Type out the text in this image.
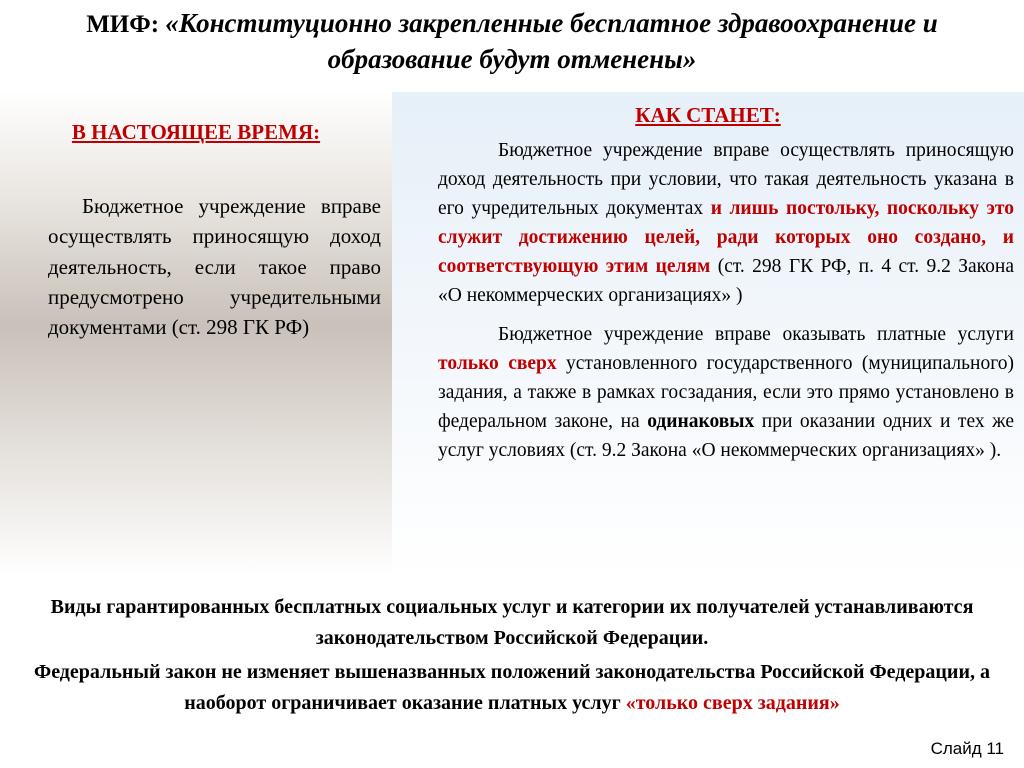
МИФ: «Конституционно закрепленные бесплатное здравоохранение и образование будут отменены»
В НАСТОЯЩЕЕ ВРЕМЯ:

Бюджетное учреждение вправе осуществлять приносящую доход деятельность, если такое право предусмотрено учредительными документами (ст. 298 ГК РФ)

КАК СТАНЕТ:

Бюджетное учреждение вправе осуществлять приносящую доход деятельность при условии, что такая деятельность указана в его учредительных документах и лишь постольку, поскольку это служит достижению целей, ради которых оно создано, и соответствующую этим целям (ст. 298 ГК РФ, п. 4 ст. 9.2 Закона «О некоммерческих организациях» )

Бюджетное учреждение вправе оказывать платные услуги только сверх установленного государственного (муниципального) задания, а также в рамках госзадания, если это прямо установлено в федеральном законе, на одинаковых при оказании одних и тех же услуг условиях (ст. 9.2 Закона «О некоммерческих организациях» ).

Виды гарантированных бесплатных социальных услуг и категории их получателей устанавливаются законодательством Российской Федерации.

Федеральный закон не изменяет вышеназванных положений законодательства Российской Федерации, а наоборот ограничивает оказание платных услуг «только сверх задания»

Слайд 11
